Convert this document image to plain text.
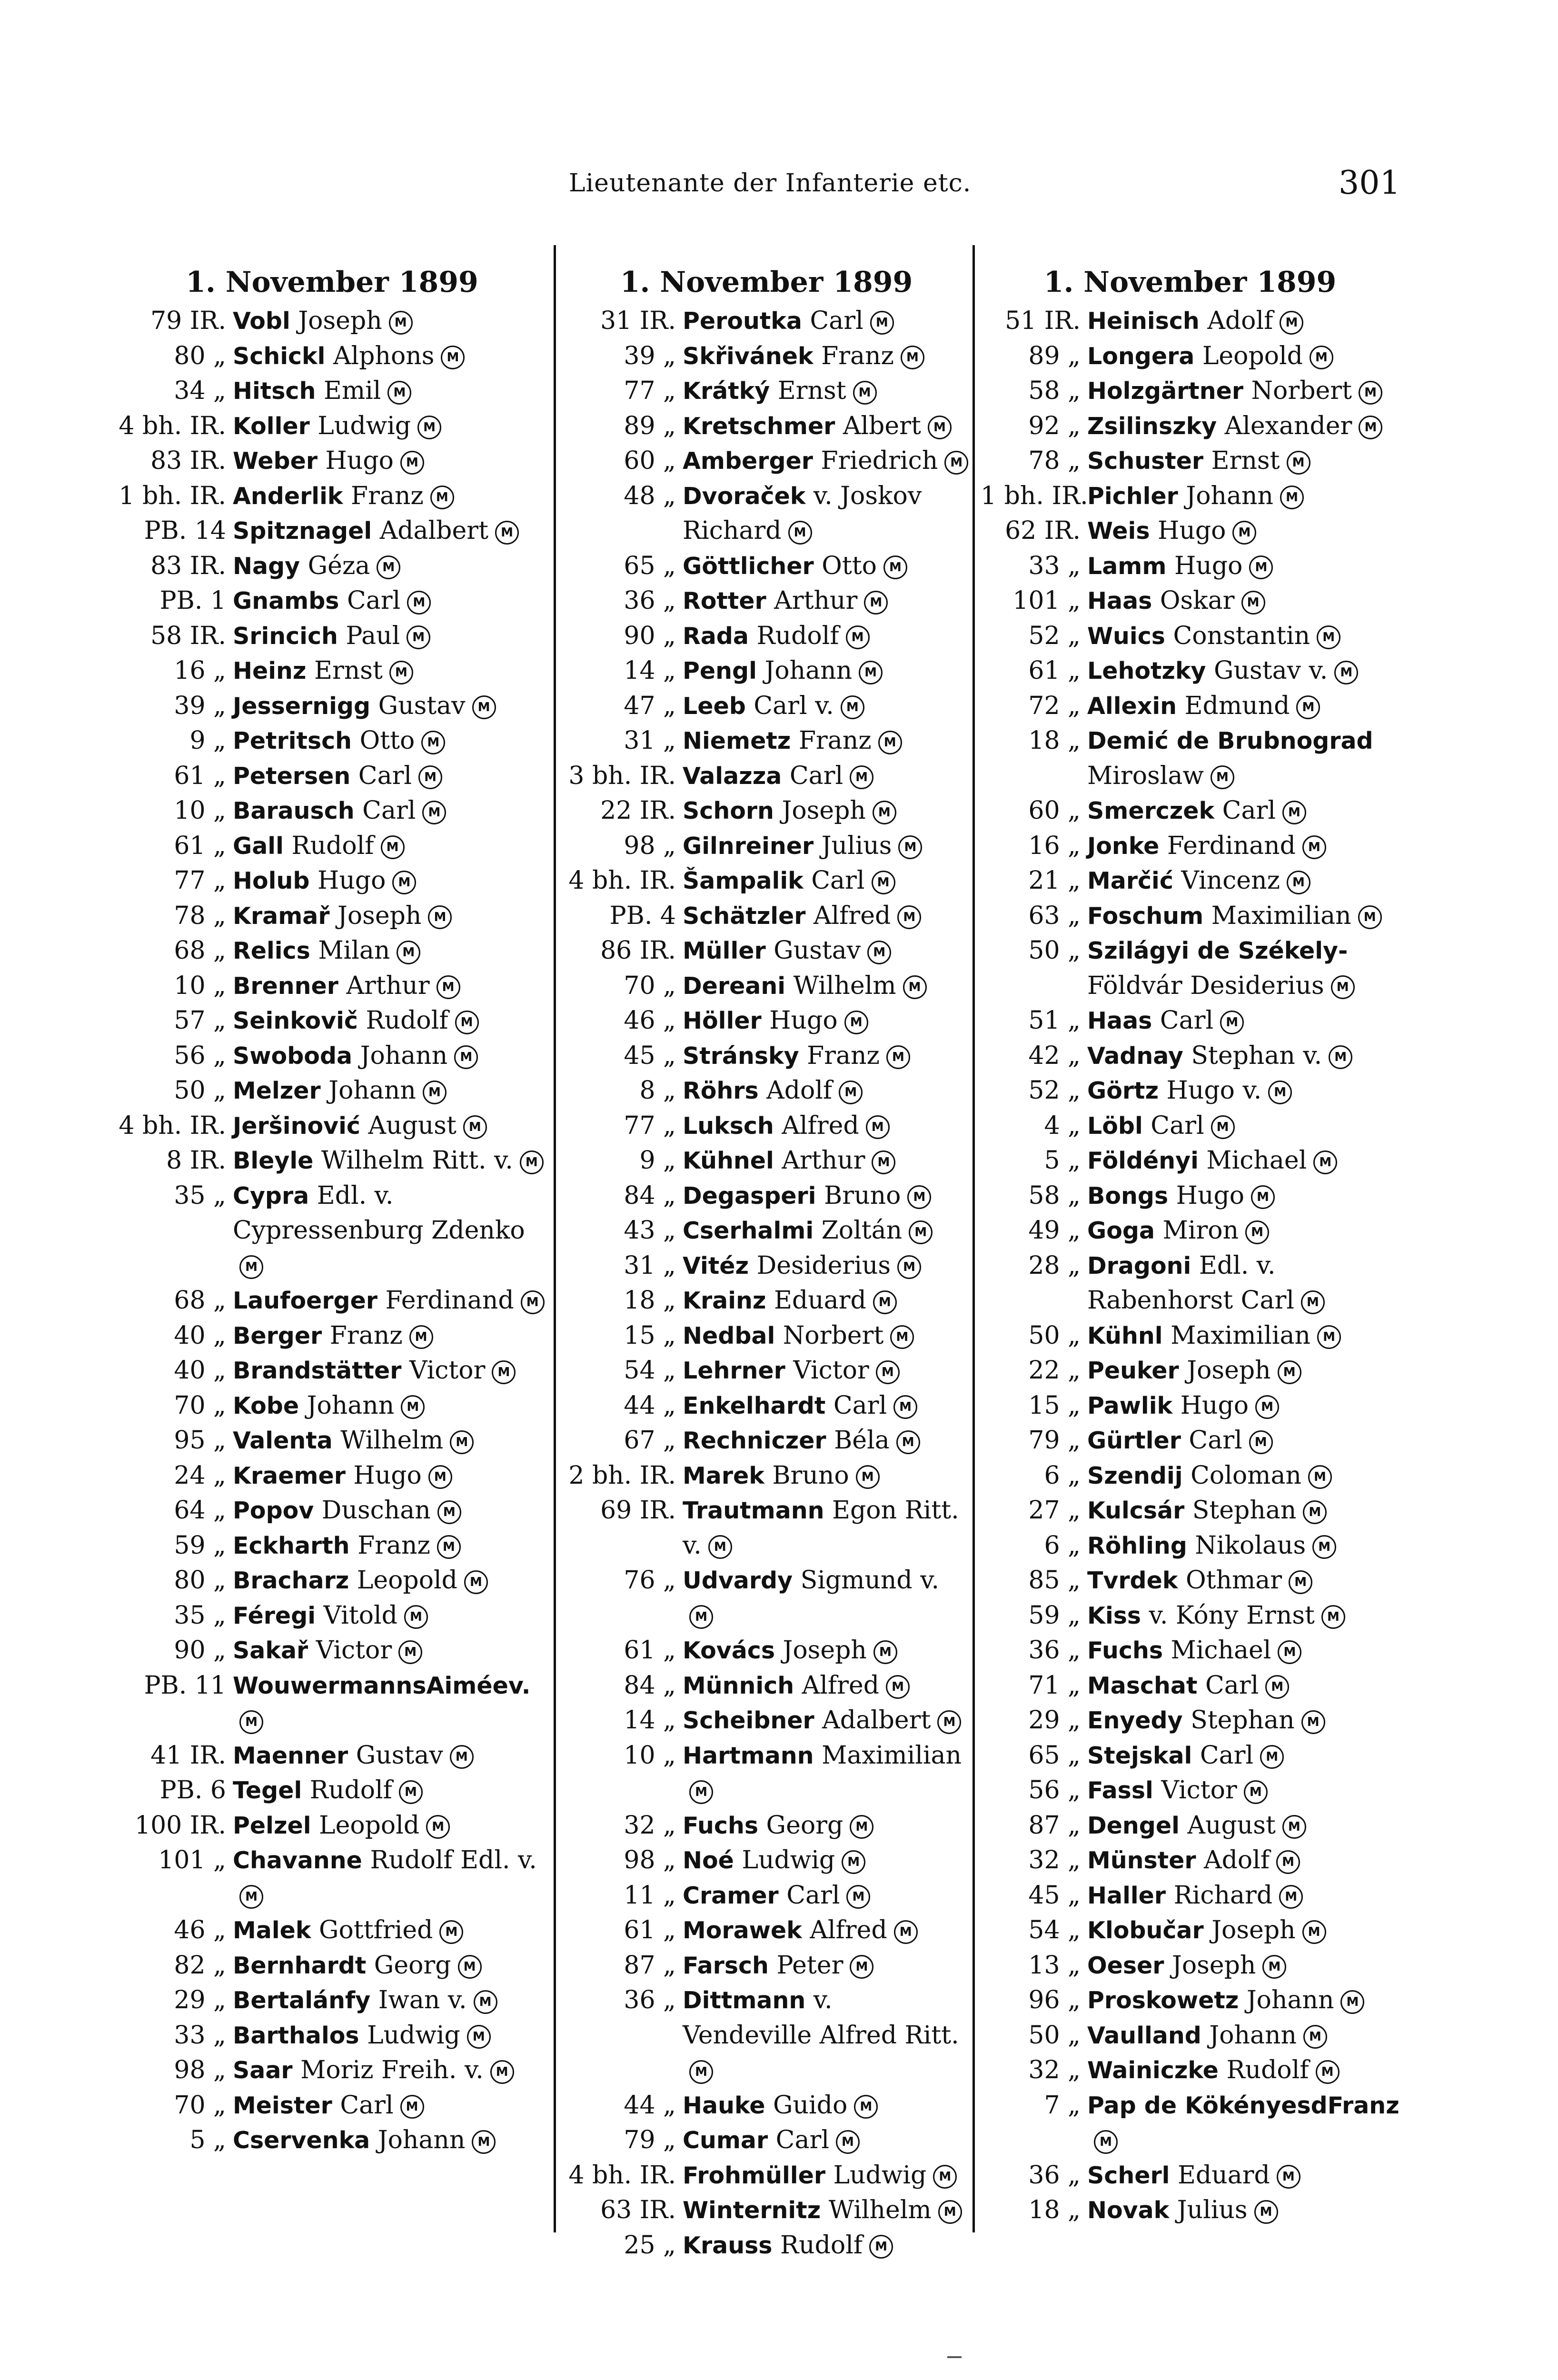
Lieutenante der Infanterie etc.	301
1. November 1899
79 IR. Vobl Joseph M
80 „ Schickl Alphons M
34 „ Hitsch Emil M
4 bh. IR. Koller Ludwig M
83 IR. Weber Hugo M
1 bh. IR. Anderlik Franz M
PB. 14 Spitznagel Adalbert M
83 IR. Nagy Géza M
PB. 1 Gnambs Carl M
58 IR. Srincich Paul M
16 „ Heinz Ernst M
39 „ Jessernigg Gustav M
9 „ Petritsch Otto M
61 „ Petersen Carl M
10 „ Barausch Carl M
61 „ Gall Rudolf M
77 „ Holub Hugo M
78 „ Kramař Joseph M
68 „ Relics Milan M
10 „ Brenner Arthur M
57 „ Seinkovič Rudolf M
56 „ Swoboda Johann M
50 „ Melzer Johann M
4 bh. IR. Jeršinović August M
8 IR. Bleyle Wilhelm Ritt. v. M
35 „ Cypra Edl. v. Cypressenburg ZdenkoM
68 „ Laufoerger Ferdinand M
40 „ Berger Franz M
40 „ Brandstätter Victor M
70 „ Kobe Johann M
95 „ Valenta Wilhelm M
24 „ Kraemer Hugo M
64 „ Popov Duschan M
59 „ Eckharth Franz M
80 „ Bracharz Leopold M
35 „ Féregi Vitold M
90 „ Sakař Victor M
PB. 11 WouwermannsAiméev. M
41 IR. Maenner Gustav M
PB. 6 Tegel Rudolf M
100 IR. Pelzel Leopold M
101 „ Chavanne Rudolf Edl. v.M
46 „ Malek Gottfried M
82 „ Bernhardt Georg M
29 „ Bertalánfy Iwan v. M
33 „ Barthalos Ludwig M
98 „ Saar Moriz Freih. v. M
70 „ Meister Carl M
5 „ Cservenka Johann M
1. November 1899
31 IR. Peroutka Carl M
39 „ Skřivánek Franz M
77 „ Krátký Ernst M
89 „ Kretschmer Albert M
60 „ Amberger Friedrich M
48 „ Dvoraček v. Joskov Richard M
65 „ Göttlicher Otto M
36 „ Rotter Arthur M
90 „ Rada Rudolf M
14 „ Pengl Johann M
47 „ Leeb Carl v. M
31 „ Niemetz Franz M
3 bh. IR. Valazza Carl M
22 IR. Schorn Joseph M
98 „ Gilnreiner Julius M
4 bh. IR. Šampalik Carl M
PB. 4 Schätzler Alfred M
86 IR. Müller Gustav M
70 „ Dereani Wilhelm M
46 „ Höller Hugo M
45 „ Stránsky Franz M
8 „ Röhrs Adolf M
77 „ Luksch Alfred M
9 „ Kühnel Arthur M
84 „ Degasperi Bruno M
43 „ Cserhalmi Zoltán M
31 „ Vitéz Desiderius M
18 „ Krainz Eduard M
15 „ Nedbal Norbert M
54 „ Lehrner Victor M
44 „ Enkelhardt Carl M
67 „ Rechniczer Béla M
2 bh. IR. Marek Bruno M
69 IR. Trautmann Egon Ritt. v. M
76 „ Udvardy Sigmund v.M
61 „ Kovács Joseph M
84 „ Münnich Alfred M
14 „ Scheibner Adalbert M
10 „ Hartmann MaximilianM
32 „ Fuchs Georg M
98 „ Noé Ludwig M
11 „ Cramer Carl M
61 „ Morawek Alfred M
87 „ Farsch Peter M
36 „ Dittmann v. Vendeville Alfred Ritt.M
44 „ Hauke Guido M
79 „ Cumar Carl M
4 bh. IR. Frohmüller Ludwig M
63 IR. Winternitz Wilhelm M
25 „ Krauss Rudolf M
1. November 1899
51 IR. Heinisch Adolf M
89 „ Longera Leopold M
58 „ Holzgärtner Norbert M
92 „ Zsilinszky Alexander M
78 „ Schuster Ernst M
1 bh. IR.
Pichler Johann M
62 IR. Weis Hugo M
33 „ Lamm Hugo M
101 „ Haas Oskar M
52 „ Wuics Constantin M
61 „ Lehotzky Gustav v. M
72 „ Allexin Edmund M
18 „ Demić de Brubnograd Miroslaw M
60 „ Smerczek Carl M
16 „ Jonke Ferdinand M
21 „ Marčić Vincenz M
63 „ Foschum Maximilian M
50 „ Szilágyi de Székely- Földvár Desiderius M
51 „ Haas Carl M
42 „ Vadnay Stephan v. M
52 „ Görtz Hugo v. M
4 „ Löbl Carl M
5 „ Földényi Michael M
58 „ Bongs Hugo M
49 „ Goga Miron M
28 „ Dragoni Edl. v. Rabenhorst Carl M
50 „ Kühnl Maximilian M
22 „ Peuker Joseph M
15 „ Pawlik Hugo M
79 „ Gürtler Carl M
6 „ Szendij Coloman M
27 „ Kulcsár Stephan M
6 „ Röhling Nikolaus M
85 „ Tvrdek Othmar M
59 „ Kiss v. Kóny Ernst M
36 „ Fuchs Michael M
71 „ Maschat Carl M
29 „ Enyedy Stephan M
65 „ Stejskal Carl M
56 „ Fassl Victor M
87 „ Dengel August M
32 „ Münster Adolf M
45 „ Haller Richard M
54 „ Klobučar Joseph M
13 „ Oeser Joseph M
96 „ Proskowetz Johann M
50 „ Vaulland Johann M
32 „ Wainiczke Rudolf M
7 „ Pap de KökényesdFranz M
36 „ Scherl Eduard M
18 „ Novak Julius M
